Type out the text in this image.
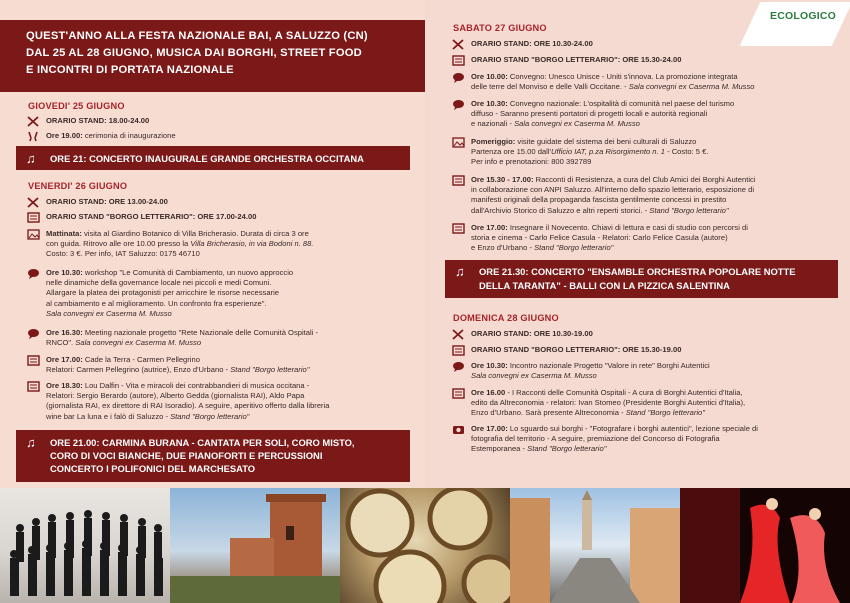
QUEST'ANNO ALLA FESTA NAZIONALE BAI, A SALUZZO (CN)
DAL 25 AL 28 GIUGNO, MUSICA DAI BORGHI, STREET FOOD
E INCONTRI DI PORTATA NAZIONALE
GIOVEDI' 25 GIUGNO
ORARIO STAND: 18.00-24.00
Ore 19.00: cerimonia di inaugurazione
♫	ORE 21: CONCERTO INAUGURALE GRANDE ORCHESTRA OCCITANA
VENERDI' 26 GIUGNO
ORARIO STAND: ORE 13.00-24.00
ORARIO STAND "BORGO LETTERARIO": ORE 17.00-24.00
Mattinata: visita al Giardino Botanico di Villa Bricherasio. Durata di circa 3 ore
con guida. Ritrovo alle ore 10.00 presso la Villa Bricherasio, in via Bodoni n. 88.
Costo: 3 €. Per info, IAT Saluzzo: 0175 46710
Ore 10.30: workshop "Le Comunità di Cambiamento, un nuovo approccio
nelle dinamiche della governance locale nei piccoli e medi Comuni.
Allargare la platea dei protagonisti per arricchire le risorse necessarie
al cambiamento e al miglioramento. Un confronto fra esperienze".
Sala convegni ex Caserma M. Musso
Ore 16.30: Meeting nazionale progetto "Rete Nazionale delle Comunità Ospitali -
RNCO". Sala convegni ex Caserma M. Musso
Ore 17.00: Cade la Terra - Carmen Pellegrino
Relatori: Carmen Pellegrino (autrice), Enzo d'Urbano - Stand "Borgo letterario"
Ore 18.30: Lou Dalfin - Vita e miracoli dei contrabbandieri di musica occitana -
Relatori: Sergio Berardo (autore), Alberto Gedda (giornalista RAI), Aldo Papa
(giornalista RAI, ex direttore di RAI Isoradio). A seguire, aperitivo offerto dalla libreria
wine bar La luna e i falò di Saluzzo - Stand "Borgo letterario"
♫	ORE 21.00: CARMINA BURANA - CANTATA PER SOLI, CORO MISTO,
CORO DI VOCI BIANCHE, DUE PIANOFORTI E PERCUSSIONI
CONCERTO I POLIFONICI DEL MARCHESATO
ECOLOGICO
SABATO 27 GIUGNO
ORARIO STAND: ORE 10.30-24.00
ORARIO STAND "BORGO LETTERARIO": ORE 15.30-24.00
Ore 10.00: Convegno: Unesco Unisce - Uniti s'innova. La promozione integrata
delle terre del Monviso e delle Valli Occitane. - Sala convegni ex Caserma M. Musso
Ore 10.30: Convegno nazionale: L'ospitalità di comunità nel paese del turismo
diffuso - Saranno presenti portatori di progetti locali e autorità regionali
e nazionali - Sala convegni ex Caserma M. Musso
Pomeriggio: visite guidate del sistema dei beni culturali di Saluzzo
Partenza ore 15.00 dall'Ufficio IAT, p.za Risorgimento n. 1 - Costo: 5 €.
Per info e prenotazioni: 800 392789
Ore 15.30 - 17.00: Racconti di Resistenza, a cura del Club Amici dei Borghi Autentici
in collaborazione con ANPI Saluzzo. All'interno dello spazio letterario, esposizione di
manifesti originali della propaganda fascista gentilmente concessi in prestito
dall'Archivio Storico di Saluzzo e altri reperti storici. - Stand "Borgo letterario"
Ore 17.00: Insegnare il Novecento. Chiavi di lettura e casi di studio con percorsi di
storia e cinema - Carlo Felice Casula - Relatori: Carlo Felice Casula (autore)
e Enzo d'Urbano - Stand "Borgo letterario"
♫	ORE 21.30: CONCERTO "ENSAMBLE ORCHESTRA POPOLARE NOTTE
DELLA TARANTA" - BALLI CON LA PIZZICA SALENTINA
DOMENICA 28 GIUGNO
ORARIO STAND: ORE 10.30-19.00
ORARIO STAND "BORGO LETTERARIO": ORE 15.30-19.00
Ore 10.30: Incontro nazionale Progetto "Valore in rete" Borghi Autentici
Sala convegni ex Caserma M. Musso
Ore 16.00 - I Racconti delle Comunità Ospitali - A cura di Borghi Autentici d'Italia,
edito da Altreconomia - relatori: Ivan Stomeo (Presidente Borghi Autentici d'Italia),
Enzo d'Urbano. Sarà presente Altreconomia - Stand "Borgo letterario"
Ore 17.00: Lo sguardo sui borghi - "Fotografare i borghi autentici", lezione speciale di
fotografia del territorio - A seguire, premiazione del Concorso di Fotografia
Estemporanea - Stand "Borgo letterario"
